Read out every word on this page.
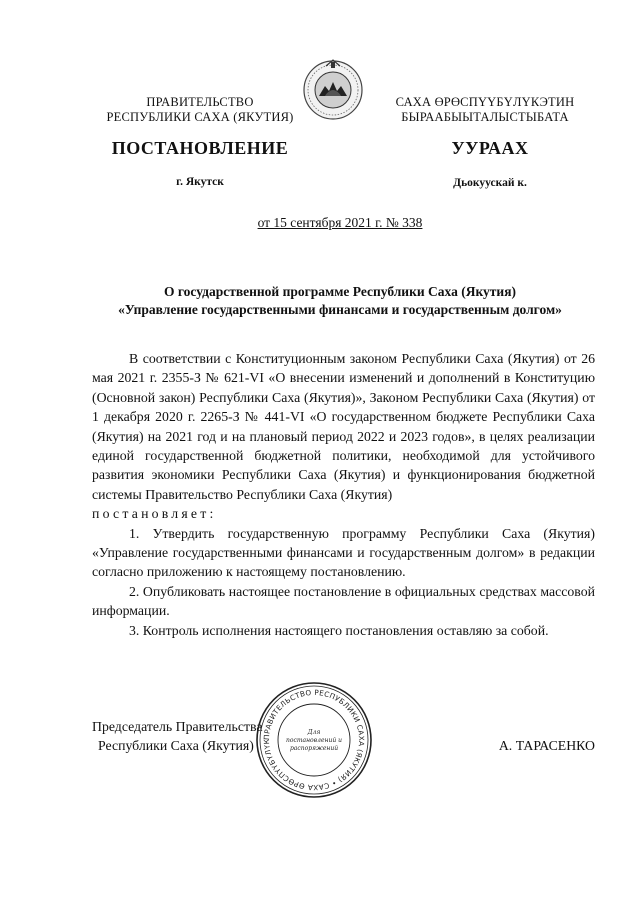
ПРАВИТЕЛЬСТВО
РЕСПУБЛИКИ САХА (ЯКУТИЯ)
САХА ӨРӨСПҮҮБҮЛҮКЭТИН
БЫРААБЫЫТАЛЫСТЫБАТА
ПОСТАНОВЛЕНИЕ	УУРААХ
г. Якутск	Дьокуускай к.
от 15 сентября 2021 г. № 338
О государственной программе Республики Саха (Якутия)
«Управление государственными финансами и государственным долгом»

В соответствии с Конституционным законом Республики Саха (Якутия) от 26 мая 2021 г. 2355-З № 621-VI «О внесении изменений и дополнений в Конституцию (Основной закон) Республики Саха (Якутия)», Законом Республики Саха (Якутия) от 1 декабря 2020 г. 2265-З № 441-VI «О государственном бюджете Республики Саха (Якутия) на 2021 год и на плановый период 2022 и 2023 годов», в целях реализации единой государственной бюджетной политики, необходимой для устойчивого развития экономики Республики Саха (Якутия) и функционирования бюджетной системы Правительство Республики Саха (Якутия)

постановляет:

1. Утвердить государственную программу Республики Саха (Якутия) «Управление государственными финансами и государственным долгом» в редакции согласно приложению к настоящему постановлению.

2. Опубликовать настоящее постановление в официальных средствах массовой информации.

3. Контроль исполнения настоящего постановления оставляю за собой.

Председатель Правительства
Республики Саха (Якутия)	А. ТАРАСЕНКО
ПРАВИТЕЛЬСТВО РЕСПУБЛИКИ САХА (ЯКУТИЯ) • САХА ӨРӨСПҮҮБҮЛҮК
Для
постановлений и
распоряжений
